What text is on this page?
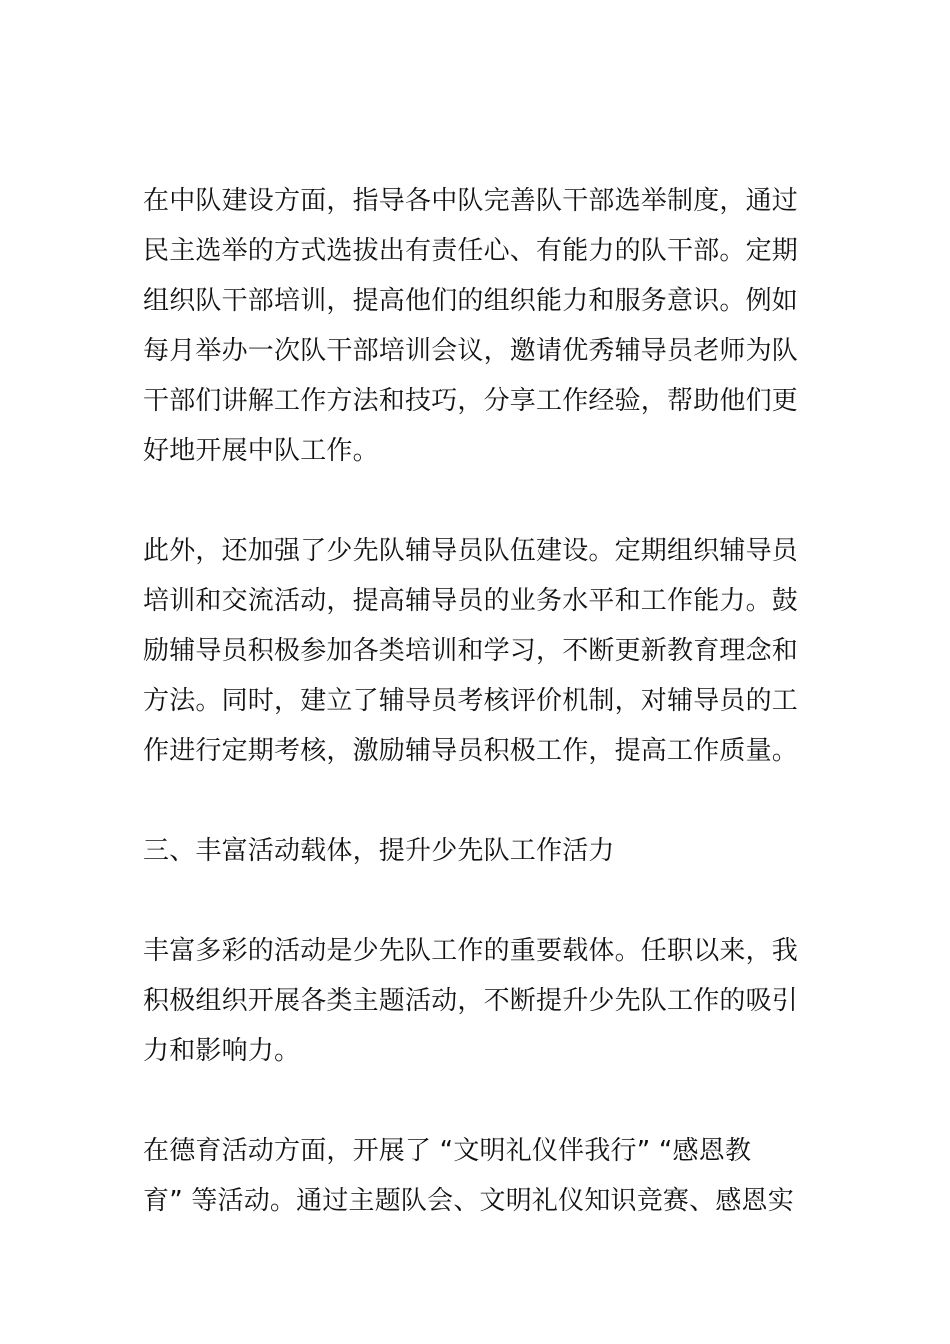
在中队建设方面，指导各中队完善队干部选举制度，通过
民主选举的方式选拔出有责任心、有能力的队干部。定期
组织队干部培训，提高他们的组织能力和服务意识。例如
每月举办一次队干部培训会议，邀请优秀辅导员老师为队
干部们讲解工作方法和技巧，分享工作经验，帮助他们更
好地开展中队工作。
此外，还加强了少先队辅导员队伍建设。定期组织辅导员
培训和交流活动，提高辅导员的业务水平和工作能力。鼓
励辅导员积极参加各类培训和学习，不断更新教育理念和
方法。同时，建立了辅导员考核评价机制，对辅导员的工
作进行定期考核，激励辅导员积极工作，提高工作质量。
三、丰富活动载体，提升少先队工作活力
丰富多彩的活动是少先队工作的重要载体。任职以来，我
积极组织开展各类主题活动，不断提升少先队工作的吸引
力和影响力。
在德育活动方面，开展了 “文明礼仪伴我行” “感恩教
育” 等活动。通过主题队会、文明礼仪知识竞赛、感恩实
